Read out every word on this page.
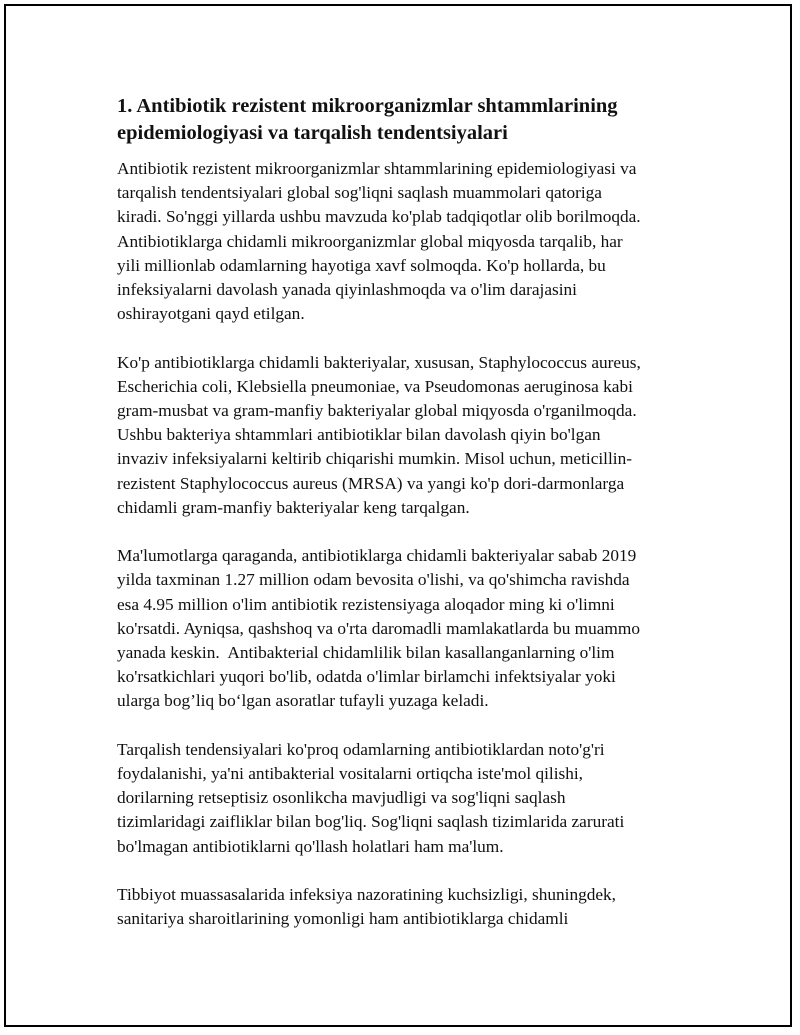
1. Antibiotik rezistent mikroorganizmlar shtammlarining
epidemiologiyasi va tarqalish tendentsiyalari

Antibiotik rezistent mikroorganizmlar shtammlarining epidemiologiyasi va
tarqalish tendentsiyalari global sog'liqni saqlash muammolari qatoriga
kiradi. So'nggi yillarda ushbu mavzuda ko'plab tadqiqotlar olib borilmoqda.
Antibiotiklarga chidamli mikroorganizmlar global miqyosda tarqalib, har
yili millionlab odamlarning hayotiga xavf solmoqda. Ko'p hollarda, bu
infeksiyalarni davolash yanada qiyinlashmoqda va o'lim darajasini
oshirayotgani qayd etilgan.

Ko'p antibiotiklarga chidamli bakteriyalar, xususan, Staphylococcus aureus,
Escherichia coli, Klebsiella pneumoniae, va Pseudomonas aeruginosa kabi
gram-musbat va gram-manfiy bakteriyalar global miqyosda o'rganilmoqda.
Ushbu bakteriya shtammlari antibiotiklar bilan davolash qiyin bo'lgan
invaziv infeksiyalarni keltirib chiqarishi mumkin. Misol uchun, meticillin-
rezistent Staphylococcus aureus (MRSA) va yangi ko'p dori-darmonlarga
chidamli gram-manfiy bakteriyalar keng tarqalgan.

Ma'lumotlarga qaraganda, antibiotiklarga chidamli bakteriyalar sabab 2019
yilda taxminan 1.27 million odam bevosita o'lishi, va qo'shimcha ravishda
esa 4.95 million o'lim antibiotik rezistensiyaga aloqador ming ki o'limni
ko'rsatdi. Ayniqsa, qashshoq va o'rta daromadli mamlakatlarda bu muammo
yanada keskin.  Antibakterial chidamlilik bilan kasallanganlarning o'lim
ko'rsatkichlari yuqori bo'lib, odatda o'limlar birlamchi infektsiyalar yoki
ularga bog’liq bo‘lgan asoratlar tufayli yuzaga keladi.

Tarqalish tendensiyalari ko'proq odamlarning antibiotiklardan noto'g'ri
foydalanishi, ya'ni antibakterial vositalarni ortiqcha iste'mol qilishi,
dorilarning retseptisiz osonlikcha mavjudligi va sog'liqni saqlash
tizimlaridagi zaifliklar bilan bog'liq. Sog'liqni saqlash tizimlarida zarurati
bo'lmagan antibiotiklarni qo'llash holatlari ham ma'lum.

Tibbiyot muassasalarida infeksiya nazoratining kuchsizligi, shuningdek,
sanitariya sharoitlarining yomonligi ham antibiotiklarga chidamli
